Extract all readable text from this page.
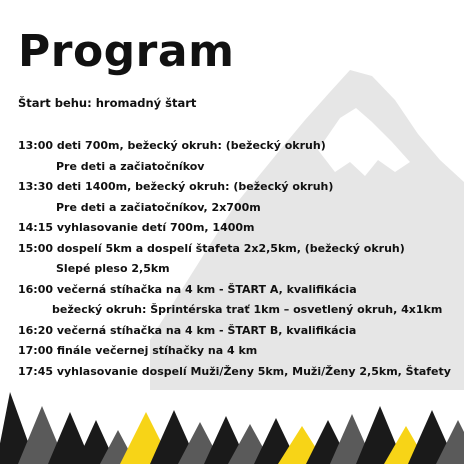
Program
Štart behu: hromadný štart
13:00 deti 700m, bežecký okruh: (bežecký okruh)
Pre deti a začiatočníkov
13:30 deti 1400m, bežecký okruh: (bežecký okruh)
Pre deti a začiatočníkov, 2x700m
14:15 vyhlasovanie detí 700m, 1400m
15:00 dospelí 5km a dospelí štafeta 2x2,5km, (bežecký okruh)
Slepé pleso 2,5km
16:00 večerná stíhačka na 4 km - ŠTART A, kvalifikácia
bežecký okruh: Šprintérska trať 1km – osvetlený okruh, 4x1km
16:20 večerná stíhačka na 4 km - ŠTART B, kvalifikácia
17:00 finále večernej stíhačky na 4 km
17:45 vyhlasovanie dospelí Muži/Ženy 5km, Muži/Ženy 2,5km, Štafety
